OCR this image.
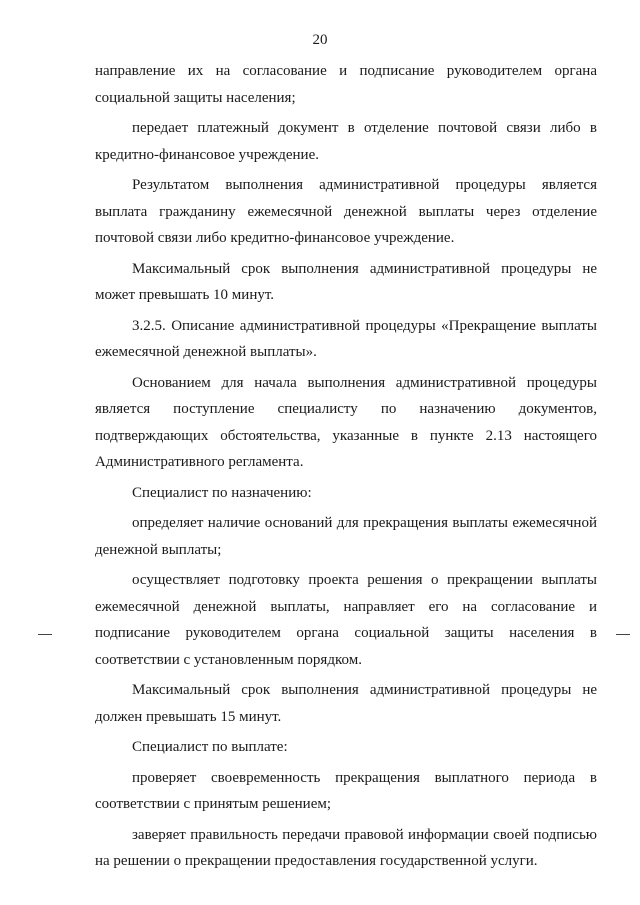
20

направление их на согласование и подписание руководителем органа социальной защиты населения;

передает платежный документ в отделение почтовой связи либо в кредитно-финансовое учреждение.

Результатом выполнения административной процедуры является выплата гражданину ежемесячной денежной выплаты через отделение почтовой связи либо кредитно-финансовое учреждение.

Максимальный срок выполнения административной процедуры не может превышать 10 минут.

3.2.5. Описание административной процедуры «Прекращение выплаты ежемесячной денежной выплаты».

Основанием для начала выполнения административной процедуры является поступление специалисту по назначению документов, подтверждающих обстоятельства, указанные в пункте 2.13 настоящего Административного регламента.

Специалист по назначению:

определяет наличие оснований для прекращения выплаты ежемесячной денежной выплаты;

осуществляет подготовку проекта решения о прекращении выплаты ежемесячной денежной выплаты, направляет его на согласование и подписание руководителем органа социальной защиты населения в соответствии с установленным порядком.

Максимальный срок выполнения административной процедуры не должен превышать 15 минут.

Специалист по выплате:

проверяет своевременность прекращения выплатного периода в соответствии с принятым решением;

заверяет правильность передачи правовой информации своей подписью на решении о прекращении предоставления государственной услуги.
